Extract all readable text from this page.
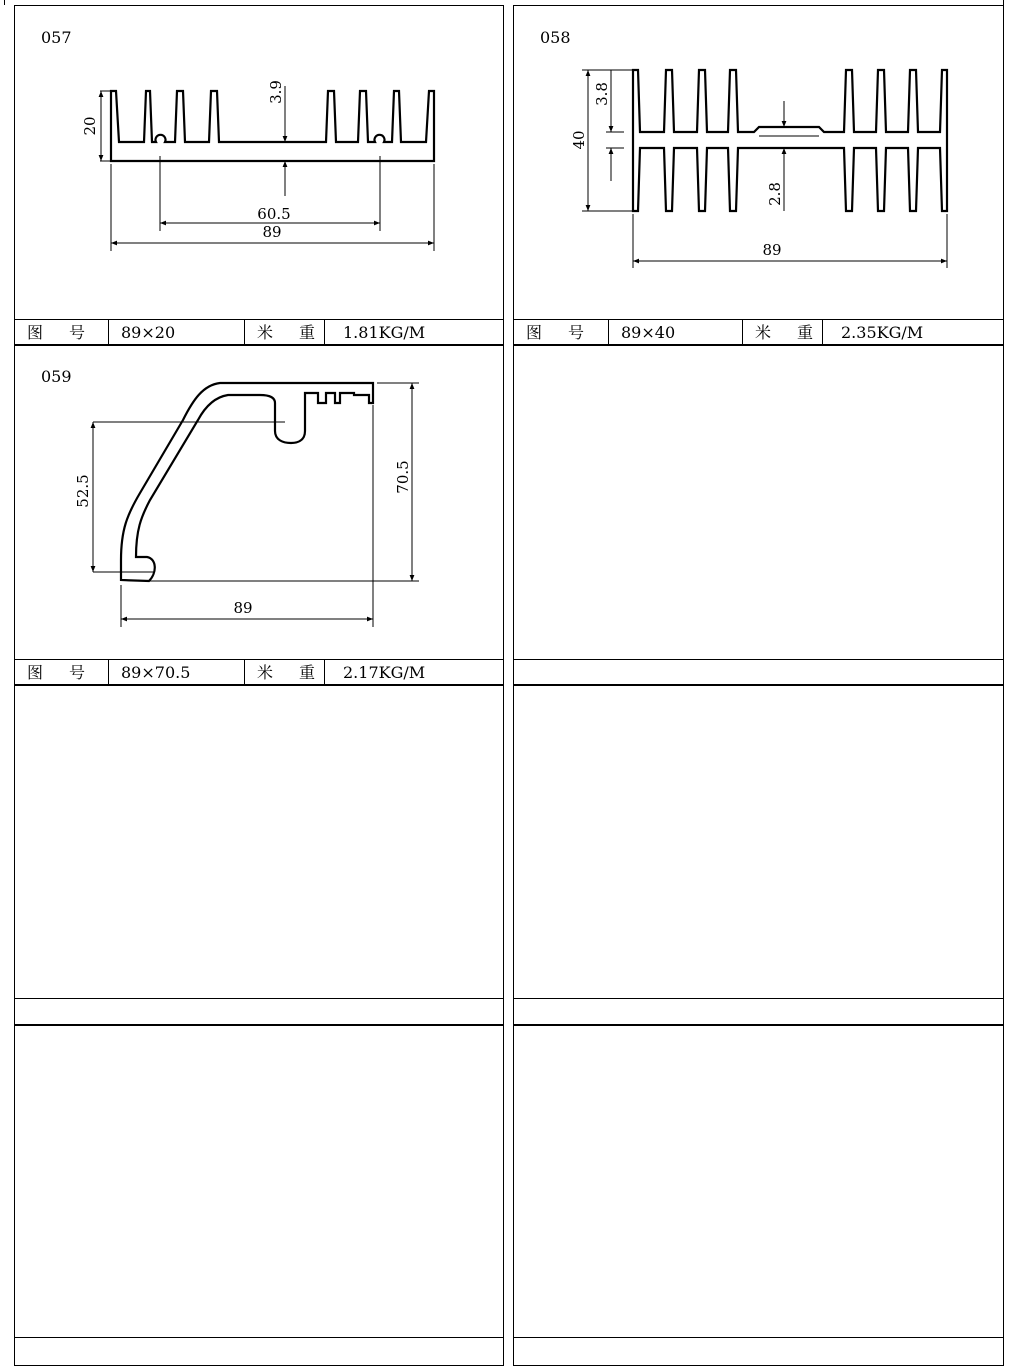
057
20
3.9
60.5
89
图号 89×20	米重 1.81KG/M
058
40
3.8
2.8
89
图号 89×40	米重 2.35KG/M
059
52.5	70.5
89
图号 89×70.5	米重 2.17KG/M
